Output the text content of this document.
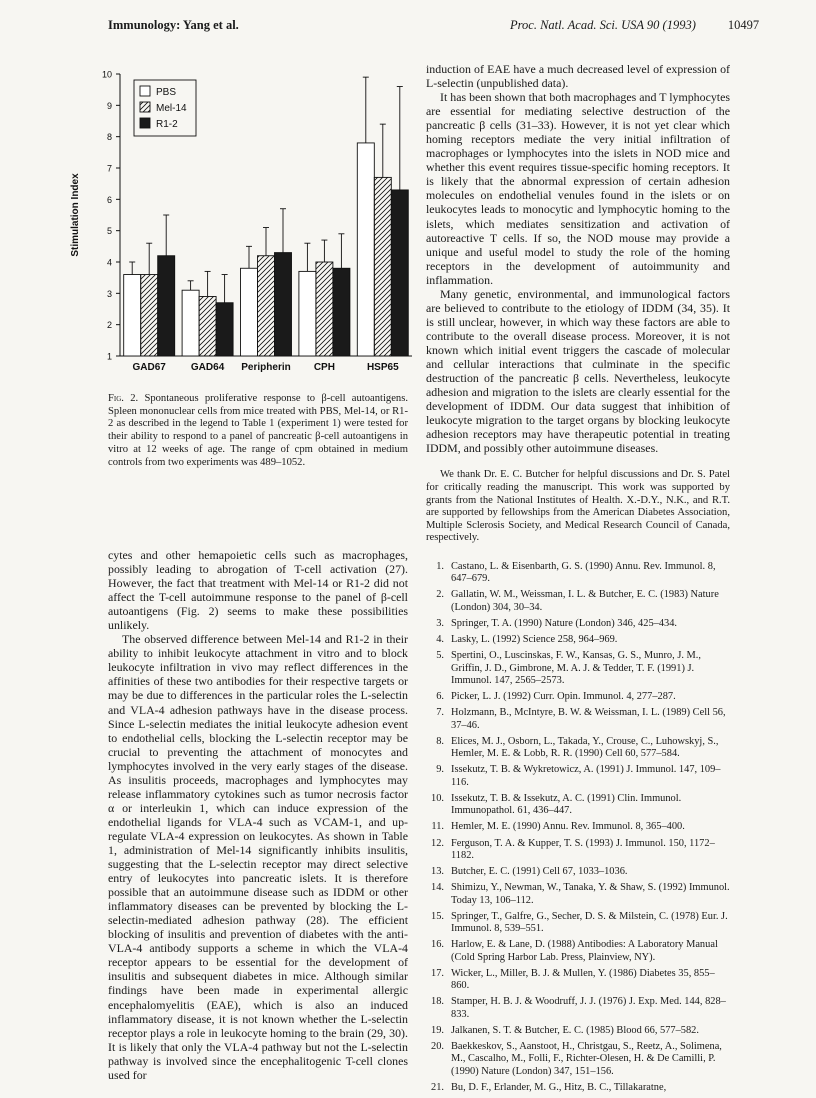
Immunology: Yang et al.	Proc. Natl. Acad. Sci. USA 90 (1993)	10497
1
2
3
4
5
6
7
8
9
10
Stimulation Index
GAD67	GAD64 Peripherin CPH	HSP65
PBS
Mel-14
R1-2

Fig. 2. Spontaneous proliferative response to β-cell autoantigens. Spleen mononuclear cells from mice treated with PBS, Mel-14, or R1-2 as described in the legend to Table 1 (experiment 1) were tested for their ability to respond to a panel of pancreatic β-cell autoantigens in vitro at 12 weeks of age. The range of cpm obtained in medium controls from two experiments was 489–1052.

cytes and other hemapoietic cells such as macrophages, possibly leading to abrogation of T-cell activation (27). However, the fact that treatment with Mel-14 or R1-2 did not affect the T-cell autoimmune response to the panel of β-cell autoantigens (Fig. 2) seems to make these possibilities unlikely.

The observed difference between Mel-14 and R1-2 in their ability to inhibit leukocyte attachment in vitro and to block leukocyte infiltration in vivo may reflect differences in the affinities of these two antibodies for their respective targets or may be due to differences in the particular roles the L-selectin and VLA-4 adhesion pathways have in the disease process. Since L-selectin mediates the initial leukocyte adhesion event to endothelial cells, blocking the L-selectin receptor may be crucial to preventing the attachment of monocytes and lymphocytes involved in the very early stages of the disease. As insulitis proceeds, macrophages and lymphocytes may release inflammatory cytokines such as tumor necrosis factor α or interleukin 1, which can induce expression of the endothelial ligands for VLA-4 such as VCAM-1, and up-regulate VLA-4 expression on leukocytes. As shown in Table 1, administration of Mel-14 significantly inhibits insulitis, suggesting that the L-selectin receptor may direct selective entry of leukocytes into pancreatic islets. It is therefore possible that an autoimmune disease such as IDDM or other inflammatory diseases can be prevented by blocking the L-selectin-mediated adhesion pathway (28). The efficient blocking of insulitis and prevention of diabetes with the anti-VLA-4 antibody supports a scheme in which the VLA-4 receptor appears to be essential for the development of insulitis and subsequent diabetes in mice. Although similar findings have been made in experimental allergic encephalomyelitis (EAE), which is also an induced inflammatory disease, it is not known whether the L-selectin receptor plays a role in leukocyte homing to the brain (29, 30). It is likely that only the VLA-4 pathway but not the L-selectin pathway is involved since the encephalitogenic T-cell clones used for

induction of EAE have a much decreased level of expression of L-selectin (unpublished data).

It has been shown that both macrophages and T lymphocytes are essential for mediating selective destruction of the pancreatic β cells (31–33). However, it is not yet clear which homing receptors mediate the very initial infiltration of macrophages or lymphocytes into the islets in NOD mice and whether this event requires tissue-specific homing receptors. It is likely that the abnormal expression of certain adhesion molecules on endothelial venules found in the islets or on leukocytes leads to monocytic and lymphocytic homing to the islets, which mediates sensitization and activation of autoreactive T cells. If so, the NOD mouse may provide a unique and useful model to study the role of the homing receptors in the development of autoimmunity and inflammation.

Many genetic, environmental, and immunological factors are believed to contribute to the etiology of IDDM (34, 35). It is still unclear, however, in which way these factors are able to contribute to the overall disease process. Moreover, it is not known which initial event triggers the cascade of molecular and cellular interactions that culminate in the specific destruction of the pancreatic β cells. Nevertheless, leukocyte adhesion and migration to the islets are clearly essential for the development of IDDM. Our data suggest that inhibition of leukocyte migration to the target organs by blocking leukocyte adhesion receptors may have therapeutic potential in treating IDDM, and possibly other autoimmune diseases.

We thank Dr. E. C. Butcher for helpful discussions and Dr. S. Patel for critically reading the manuscript. This work was supported by grants from the National Institutes of Health. X.-D.Y., N.K., and R.T. are supported by fellowships from the American Diabetes Association, Multiple Sclerosis Society, and Medical Research Council of Canada, respectively.

1. Castano, L. & Eisenbarth, G. S. (1990) Annu. Rev. Immunol. 8, 647–679.
2. Gallatin, W. M., Weissman, I. L. & Butcher, E. C. (1983) Nature (London) 304, 30–34.
3. Springer, T. A. (1990) Nature (London) 346, 425–434.
4. Lasky, L. (1992) Science 258, 964–969.
5. Spertini, O., Luscinskas, F. W., Kansas, G. S., Munro, J. M., Griffin, J. D., Gimbrone, M. A. J. & Tedder, T. F. (1991) J. Immunol. 147, 2565–2573.
6. Picker, L. J. (1992) Curr. Opin. Immunol. 4, 277–287.
7. Holzmann, B., McIntyre, B. W. & Weissman, I. L. (1989) Cell 56, 37–46.
8. Elices, M. J., Osborn, L., Takada, Y., Crouse, C., Luhowskyj, S., Hemler, M. E. & Lobb, R. R. (1990) Cell 60, 577–584.
9. Issekutz, T. B. & Wykretowicz, A. (1991) J. Immunol. 147, 109–116.
10. Issekutz, T. B. & Issekutz, A. C. (1991) Clin. Immunol. Immunopathol. 61, 436–447.
11. Hemler, M. E. (1990) Annu. Rev. Immunol. 8, 365–400.
12. Ferguson, T. A. & Kupper, T. S. (1993) J. Immunol. 150, 1172–1182.
13. Butcher, E. C. (1991) Cell 67, 1033–1036.
14. Shimizu, Y., Newman, W., Tanaka, Y. & Shaw, S. (1992) Immunol. Today 13, 106–112.
15. Springer, T., Galfre, G., Secher, D. S. & Milstein, C. (1978) Eur. J. Immunol. 8, 539–551.
16. Harlow, E. & Lane, D. (1988) Antibodies: A Laboratory Manual (Cold Spring Harbor Lab. Press, Plainview, NY).
17. Wicker, L., Miller, B. J. & Mullen, Y. (1986) Diabetes 35, 855–860.
18. Stamper, H. B. J. & Woodruff, J. J. (1976) J. Exp. Med. 144, 828–833.
19. Jalkanen, S. T. & Butcher, E. C. (1985) Blood 66, 577–582.
20. Baekkeskov, S., Aanstoot, H., Christgau, S., Reetz, A., Solimena, M., Cascalho, M., Folli, F., Richter-Olesen, H. & De Camilli, P. (1990) Nature (London) 347, 151–156.
21. Bu, D. F., Erlander, M. G., Hitz, B. C., Tillakaratne,
